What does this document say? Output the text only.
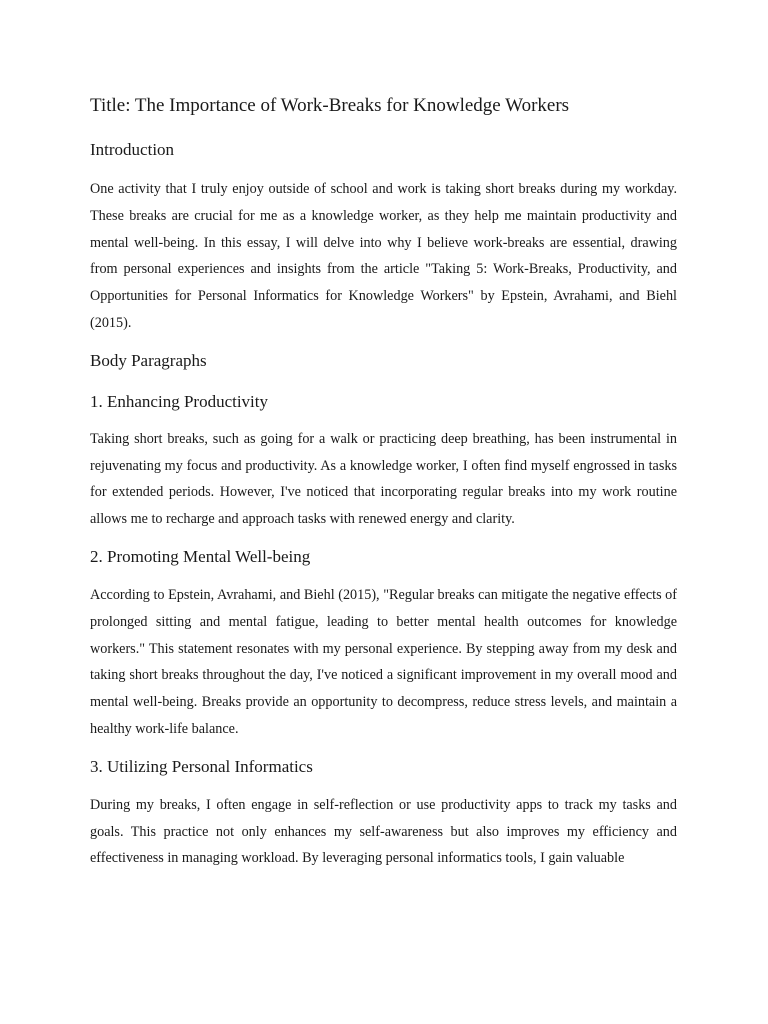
Title: The Importance of Work-Breaks for Knowledge Workers
Introduction

One activity that I truly enjoy outside of school and work is taking short breaks during my workday. These breaks are crucial for me as a knowledge worker, as they help me maintain productivity and mental well-being. In this essay, I will delve into why I believe work-breaks are essential, drawing from personal experiences and insights from the article "Taking 5: Work-Breaks, Productivity, and Opportunities for Personal Informatics for Knowledge Workers" by Epstein, Avrahami, and Biehl (2015).

Body Paragraphs
1. Enhancing Productivity

Taking short breaks, such as going for a walk or practicing deep breathing, has been instrumental in rejuvenating my focus and productivity. As a knowledge worker, I often find myself engrossed in tasks for extended periods. However, I've noticed that incorporating regular breaks into my work routine allows me to recharge and approach tasks with renewed energy and clarity.

2. Promoting Mental Well-being

According to Epstein, Avrahami, and Biehl (2015), "Regular breaks can mitigate the negative effects of prolonged sitting and mental fatigue, leading to better mental health outcomes for knowledge workers." This statement resonates with my personal experience. By stepping away from my desk and taking short breaks throughout the day, I've noticed a significant improvement in my overall mood and mental well-being. Breaks provide an opportunity to decompress, reduce stress levels, and maintain a healthy work-life balance.

3. Utilizing Personal Informatics

During my breaks, I often engage in self-reflection or use productivity apps to track my tasks and goals. This practice not only enhances my self-awareness but also improves my efficiency and effectiveness in managing workload. By leveraging personal informatics tools, I gain valuable
